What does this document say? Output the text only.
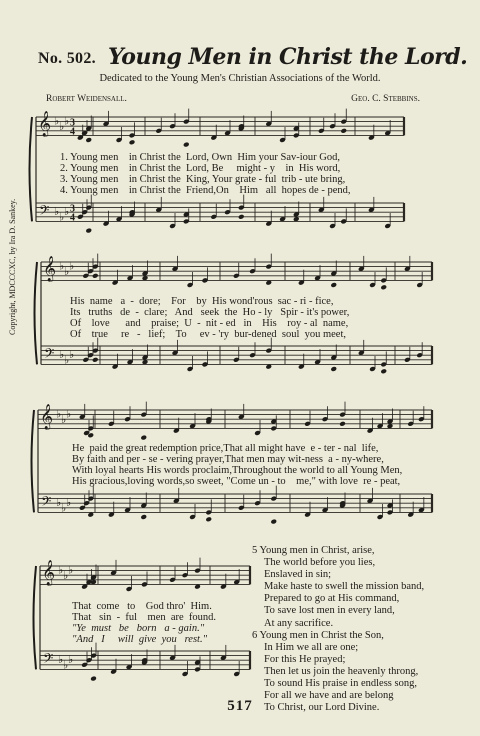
No. 502. Young Men in Christ the Lord.
Dedicated to the Young Men's Christian Associations of the World.
Robert Weidensall.	Geo. C. Stebbins.
Copyright, MDCCCXC, by Ira D. Sankey.
𝄞
𝄢
♭ ♭ ♭
♭ ♭ ♭
3
3
4
4
𝄞
𝄢
♭ ♭ ♭
♭ ♭ ♭
𝄞
𝄢
♭ ♭ ♭
♭ ♭ ♭
𝄞
𝄢
♭ ♭ ♭
♭ ♭ ♭
1. Young men    in Christ the  Lord, Own  Him your Sav-iour God,
2. Young men    in Christ the  Lord, Be     might - y    in  His word,
3. Young men    in Christ the  King, Your grate - ful  trib - ute bring,
4. Young men    in Christ the  Friend,On    Him   all  hopes de - pend,
His  name   a  -  dore;    For    by  His wond'rous  sac - ri - fice,
Its   truths   de  -  clare;   And   seek  the  Ho - ly   Spir - it's power,
Of    love      and    praise;  U  -  nit - ed   in    His    roy - al  name,
Of    true     re   -   lief;    To     ev - 'ry  bur-dened  soul  you meet,
He  paid the great redemption price,That all might have  e - ter - nal  life,
By faith and per - se - vering prayer,That men may wit-ness  a - ny-where,
With loyal hearts His words proclaim,Throughout the world to all Young Men,
His gracious,loving words,so sweet, "Come un - to    me," with love  re - peat,
That  come   to    God thro'  Him.
That   sin  -  ful    men  are  found.
"Ye  must   be   born   a - gain."
"And   I     will  give  you   rest."
5 Young men in Christ, arise,
The world before you lies,
Enslaved in sin;
Make haste to swell the mission band,
Prepared to go at His command,
To save lost men in every land,
At any sacrifice.
6 Young men in Christ the Son,
In Him we all are one;
For this He prayed;
Then let us join the heavenly throng,
To sound His praise in endless song,
For all we have and are belong
To Christ, our Lord Divine.
517
